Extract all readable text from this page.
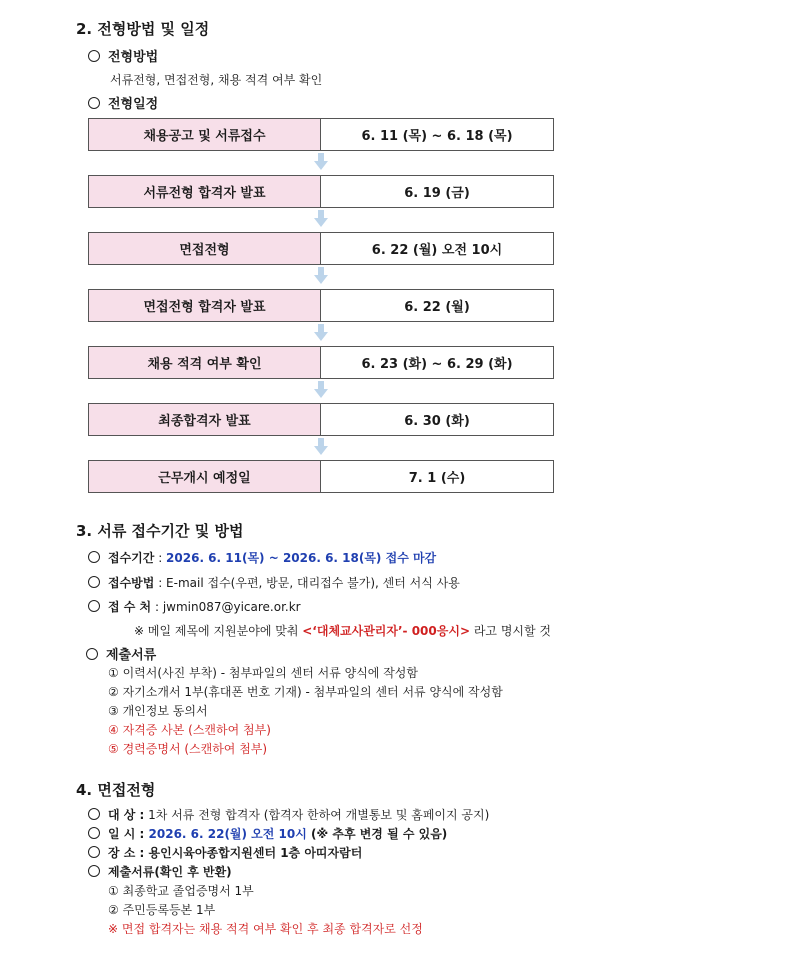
2. 전형방법 및 일정
전형방법
서류전형, 면접전형, 채용 적격 여부 확인
전형일정
채용공고 및 서류접수	6. 11 (목) ~ 6. 18 (목)
서류전형 합격자 발표	6. 19 (금)
면접전형	6. 22 (월) 오전 10시
면접전형 합격자 발표	6. 22 (월)
채용 적격 여부 확인	6. 23 (화) ~ 6. 29 (화)
최종합격자 발표	6. 30 (화)
근무개시 예정일	7. 1 (수)
3. 서류 접수기간 및 방법
접수기간 : 2026. 6. 11(목) ~ 2026. 6. 18(목) 접수 마감
접수방법 : E-mail 접수(우편, 방문, 대리접수 불가), 센터 서식 사용
접 수 처 : jwmin087@yicare.or.kr
※ 메일 제목에 지원분야에 맞춰 <‘대체교사관리자’- 000응시> 라고 명시할 것
제출서류
① 이력서(사진 부착) - 첨부파일의 센터 서류 양식에 작성함
② 자기소개서 1부(휴대폰 번호 기재) - 첨부파일의 센터 서류 양식에 작성함
③ 개인정보 동의서
④ 자격증 사본 (스캔하여 첨부)
⑤ 경력증명서 (스캔하여 첨부)
4. 면접전형
대 상 : 1차 서류 전형 합격자 (합격자 한하여 개별통보 및 홈페이지 공지)
일 시 : 2026. 6. 22(월) 오전 10시 (※ 추후 변경 될 수 있음)
장 소 : 용인시육아종합지원센터 1층 아띠자람터
제출서류(확인 후 반환)
① 최종학교 졸업증명서 1부
② 주민등록등본 1부
※ 면접 합격자는 채용 적격 여부 확인 후 최종 합격자로 선정
